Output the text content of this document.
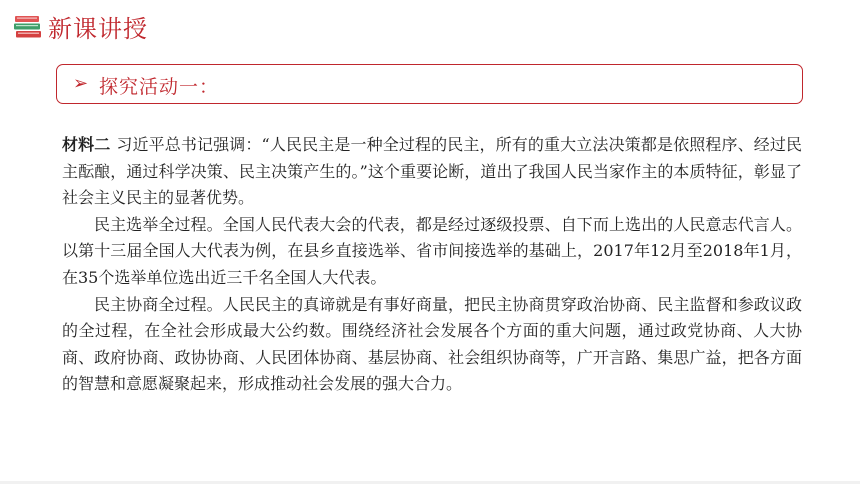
新课讲授
➢ 探究活动一：

材料二 习近平总书记强调：“人民民主是一种全过程的民主，所有的重大立法决策都是依照程序、经过民主酝酿，通过科学决策、民主决策产生的。”这个重要论断，道出了我国人民当家作主的本质特征，彰显了社会主义民主的显著优势。

民主选举全过程。全国人民代表大会的代表，都是经过逐级投票、自下而上选出的人民意志代言人。以第十三届全国人大代表为例，在县乡直接选举、省市间接选举的基础上，2017年12月至2018年1月，在35个选举单位选出近三千名全国人大代表。

民主协商全过程。人民民主的真谛就是有事好商量，把民主协商贯穿政治协商、民主监督和参政议政的全过程，在全社会形成最大公约数。围绕经济社会发展各个方面的重大问题，通过政党协商、人大协商、政府协商、政协协商、人民团体协商、基层协商、社会组织协商等，广开言路、集思广益，把各方面的智慧和意愿凝聚起来，形成推动社会发展的强大合力。
